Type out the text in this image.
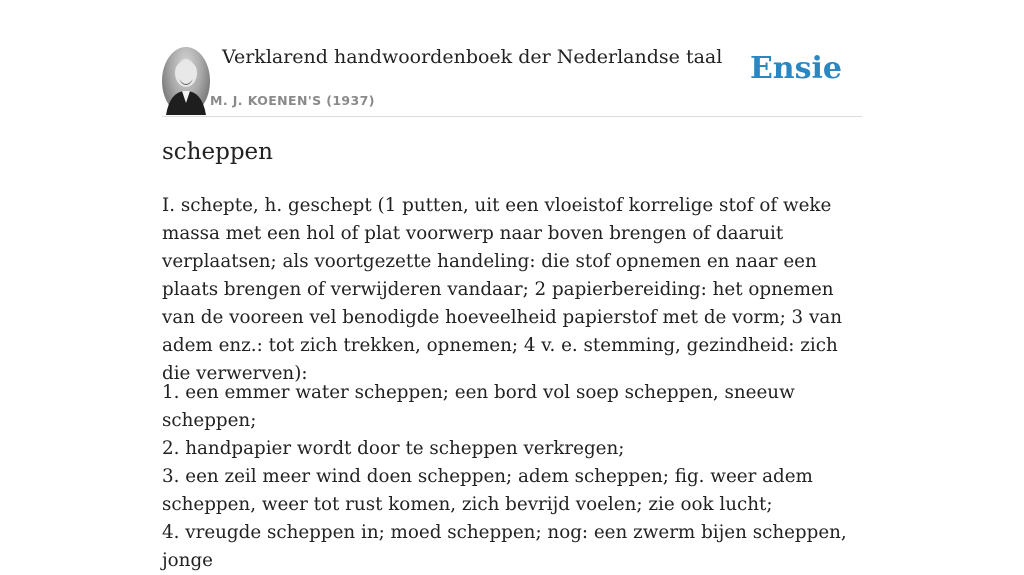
Verklarend handwoordenboek der Nederlandse taal
M. J. KOENEN'S (1937)
Ensie
scheppen

I. schepte, h. geschept (1 putten, uit een vloeistof korrelige stof of weke massa met een hol of plat voorwerp naar boven brengen of daaruit verplaatsen; als voortgezette handeling: die stof opnemen en naar een plaats brengen of verwijderen vandaar; 2 papierbereiding: het opnemen van de vooreen vel benodigde hoeveelheid papierstof met de vorm; 3 van adem enz.: tot zich trekken, opnemen; 4 v. e. stemming, gezindheid: zich die verwerven):

1. een emmer water scheppen; een bord vol soep scheppen, sneeuw scheppen;
2. handpapier wordt door te scheppen verkregen;
3. een zeil meer wind doen scheppen; adem scheppen; fig. weer adem scheppen, weer tot rust komen, zich bevrijd voelen; zie ook lucht;
4. vreugde scheppen in; moed scheppen; nog: een zwerm bijen scheppen, jonge
